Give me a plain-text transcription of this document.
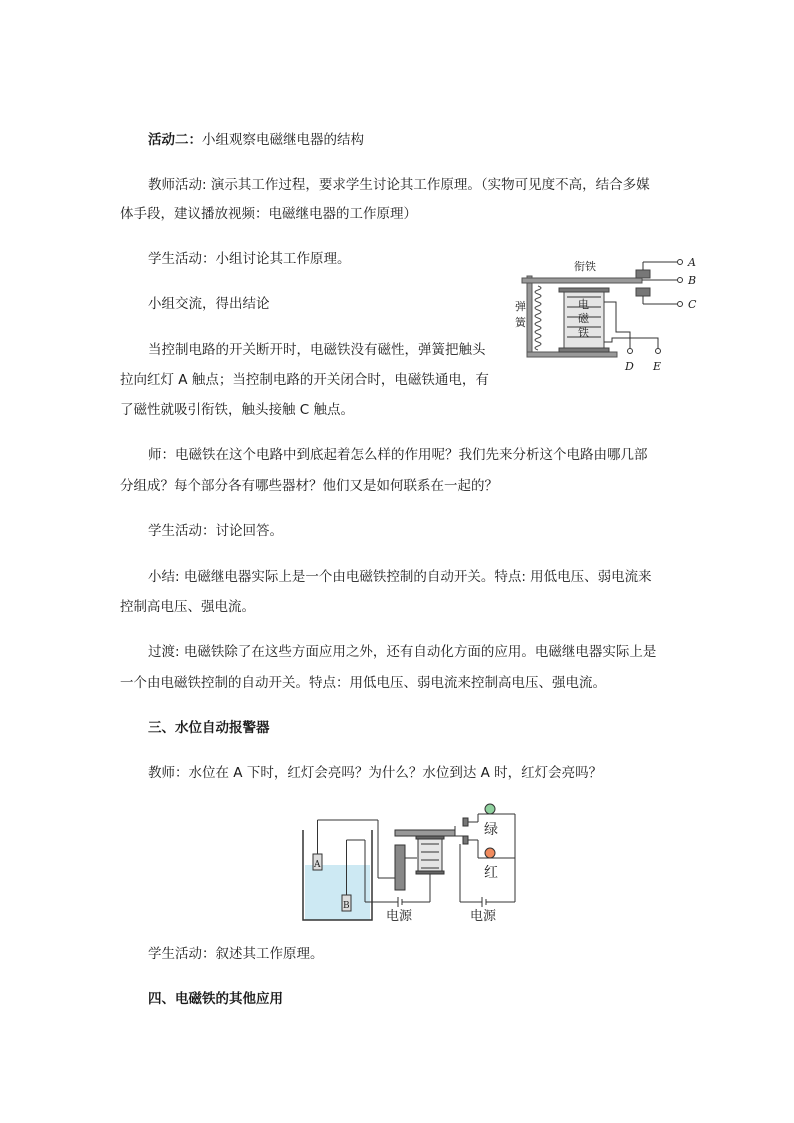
活动二：小组观察电磁继电器的结构

教师活动: 演示其工作过程，要求学生讨论其工作原理。（实物可见度不高，结合多媒

体手段，建议播放视频：电磁继电器的工作原理）

学生活动：小组讨论其工作原理。

小组交流，得出结论

当控制电路的开关断开时，电磁铁没有磁性，弹簧把触头

拉向红灯 A 触点；当控制电路的开关闭合时，电磁铁通电，有

了磁性就吸引衔铁，触头接触 C 触点。

师：电磁铁在这个电路中到底起着怎么样的作用呢？我们先来分析这个电路由哪几部

分组成？每个部分各有哪些器材？他们又是如何联系在一起的？

学生活动：讨论回答。

小结: 电磁继电器实际上是一个由电磁铁控制的自动开关。特点: 用低电压、弱电流来

控制高电压、强电流。

过渡: 电磁铁除了在这些方面应用之外，还有自动化方面的应用。电磁继电器实际上是

一个由电磁铁控制的自动开关。特点：用低电压、弱电流来控制高电压、强电流。

三、水位自动报警器

教师：水位在 A 下时，红灯会亮吗？为什么？水位到达 A 时，红灯会亮吗？

学生活动：叙述其工作原理。

四、电磁铁的其他应用

衔铁
弹
簧
电
磁
铁
A
B
C
D E
A
B
绿
红
电源	电源
